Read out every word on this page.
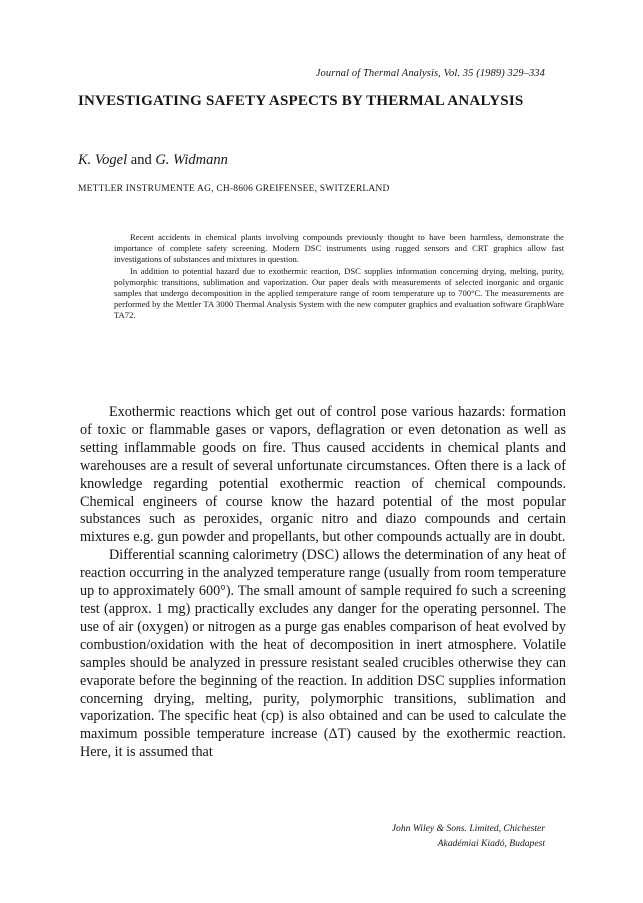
Journal of Thermal Analysis, Vol. 35 (1989) 329–334
INVESTIGATING SAFETY ASPECTS BY THERMAL ANALYSIS
K. Vogel and G. Widmann
METTLER INSTRUMENTE AG, CH-8606 GREIFENSEE, SWITZERLAND

Recent accidents in chemical plants involving compounds previously thought to have been harmless, demonstrate the importance of complete safety screening. Modern DSC instruments using rugged sensors and CRT graphics allow fast investigations of substances and mixtures in question.

In addition to potential hazard due to exothermic reaction, DSC supplies information concerning drying, melting, purity, polymorphic transitions, sublimation and vaporization. Our paper deals with measurements of selected inorganic and organic samples that undergo decomposition in the applied temperature range of room temperature up to 700°C. The measurements are performed by the Mettler TA 3000 Thermal Analysis System with the new computer graphics and evaluation software GraphWare TA72.

Exothermic reactions which get out of control pose various hazards: formation of toxic or flammable gases or vapors, deflagration or even detonation as well as setting inflammable goods on fire. Thus caused accidents in chemical plants and warehouses are a result of several unfortunate circumstances. Often there is a lack of knowledge regarding potential exothermic reaction of chemical compounds. Chemical engineers of course know the hazard potential of the most popular substances such as peroxides, organic nitro and diazo compounds and certain mixtures e.g. gun powder and propellants, but other compounds actually are in doubt.

Differential scanning calorimetry (DSC) allows the determination of any heat of reaction occurring in the analyzed temperature range (usually from room temperature up to approximately 600°). The small amount of sample required fo such a screening test (approx. 1 mg) practically excludes any danger for the operating personnel. The use of air (oxygen) or nitrogen as a purge gas enables comparison of heat evolved by combustion/oxidation with the heat of decomposition in inert atmosphere. Volatile samples should be analyzed in pressure resistant sealed crucibles otherwise they can evaporate before the beginning of the reaction. In addition DSC supplies information concerning drying, melting, purity, polymorphic transitions, sublimation and vaporization. The specific heat (cp) is also obtained and can be used to calculate the maximum possible temperature increase (ΔT) caused by the exothermic reaction. Here, it is assumed that

John Wiley & Sons. Limited, Chichester
Akadémiai Kiadó, Budapest
